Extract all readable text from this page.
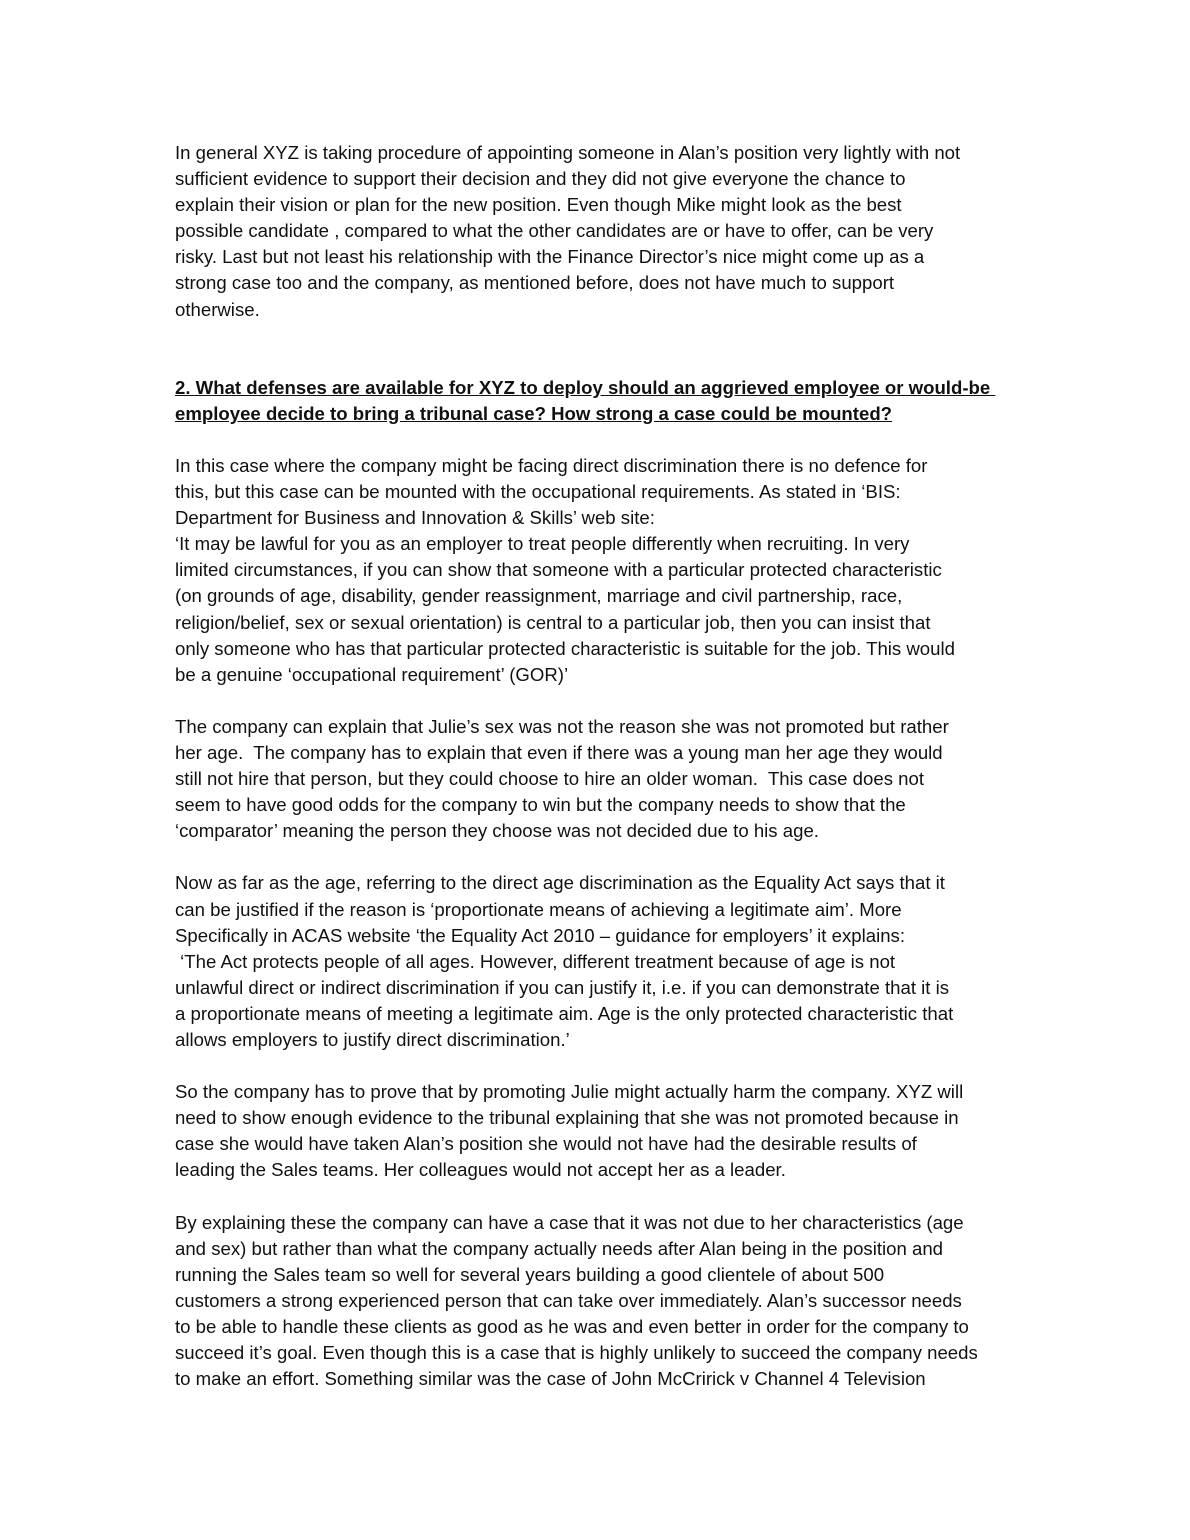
In general XYZ is taking procedure of appointing someone in Alan’s position very lightly with not
sufficient evidence to support their decision and they did not give everyone the chance to
explain their vision or plan for the new position. Even though Mike might look as the best
possible candidate , compared to what the other candidates are or have to offer, can be very
risky. Last but not least his relationship with the Finance Director’s nice might come up as a
strong case too and the company, as mentioned before, does not have much to support
otherwise.
2. What defenses are available for XYZ to deploy should an aggrieved employee or would-be
employee decide to bring a tribunal case? How strong a case could be mounted?
In this case where the company might be facing direct discrimination there is no defence for
this, but this case can be mounted with the occupational requirements. As stated in ‘BIS:
Department for Business and Innovation & Skills’ web site:
‘It may be lawful for you as an employer to treat people differently when recruiting. In very
limited circumstances, if you can show that someone with a particular protected characteristic
(on grounds of age, disability, gender reassignment, marriage and civil partnership, race,
religion/belief, sex or sexual orientation) is central to a particular job, then you can insist that
only someone who has that particular protected characteristic is suitable for the job. This would
be a genuine ‘occupational requirement’ (GOR)’
The company can explain that Julie’s sex was not the reason she was not promoted but rather
her age.  The company has to explain that even if there was a young man her age they would
still not hire that person, but they could choose to hire an older woman.  This case does not
seem to have good odds for the company to win but the company needs to show that the
‘comparator’ meaning the person they choose was not decided due to his age.
Now as far as the age, referring to the direct age discrimination as the Equality Act says that it
can be justified if the reason is ‘proportionate means of achieving a legitimate aim’. More
Specifically in ACAS website ‘the Equality Act 2010 – guidance for employers’ it explains:
‘The Act protects people of all ages. However, different treatment because of age is not
unlawful direct or indirect discrimination if you can justify it, i.e. if you can demonstrate that it is
a proportionate means of meeting a legitimate aim. Age is the only protected characteristic that
allows employers to justify direct discrimination.’
So the company has to prove that by promoting Julie might actually harm the company. XYZ will
need to show enough evidence to the tribunal explaining that she was not promoted because in
case she would have taken Alan’s position she would not have had the desirable results of
leading the Sales teams. Her colleagues would not accept her as a leader.
By explaining these the company can have a case that it was not due to her characteristics (age
and sex) but rather than what the company actually needs after Alan being in the position and
running the Sales team so well for several years building a good clientele of about 500
customers a strong experienced person that can take over immediately. Alan’s successor needs
to be able to handle these clients as good as he was and even better in order for the company to
succeed it’s goal. Even though this is a case that is highly unlikely to succeed the company needs
to make an effort. Something similar was the case of John McCririck v Channel 4 Television
